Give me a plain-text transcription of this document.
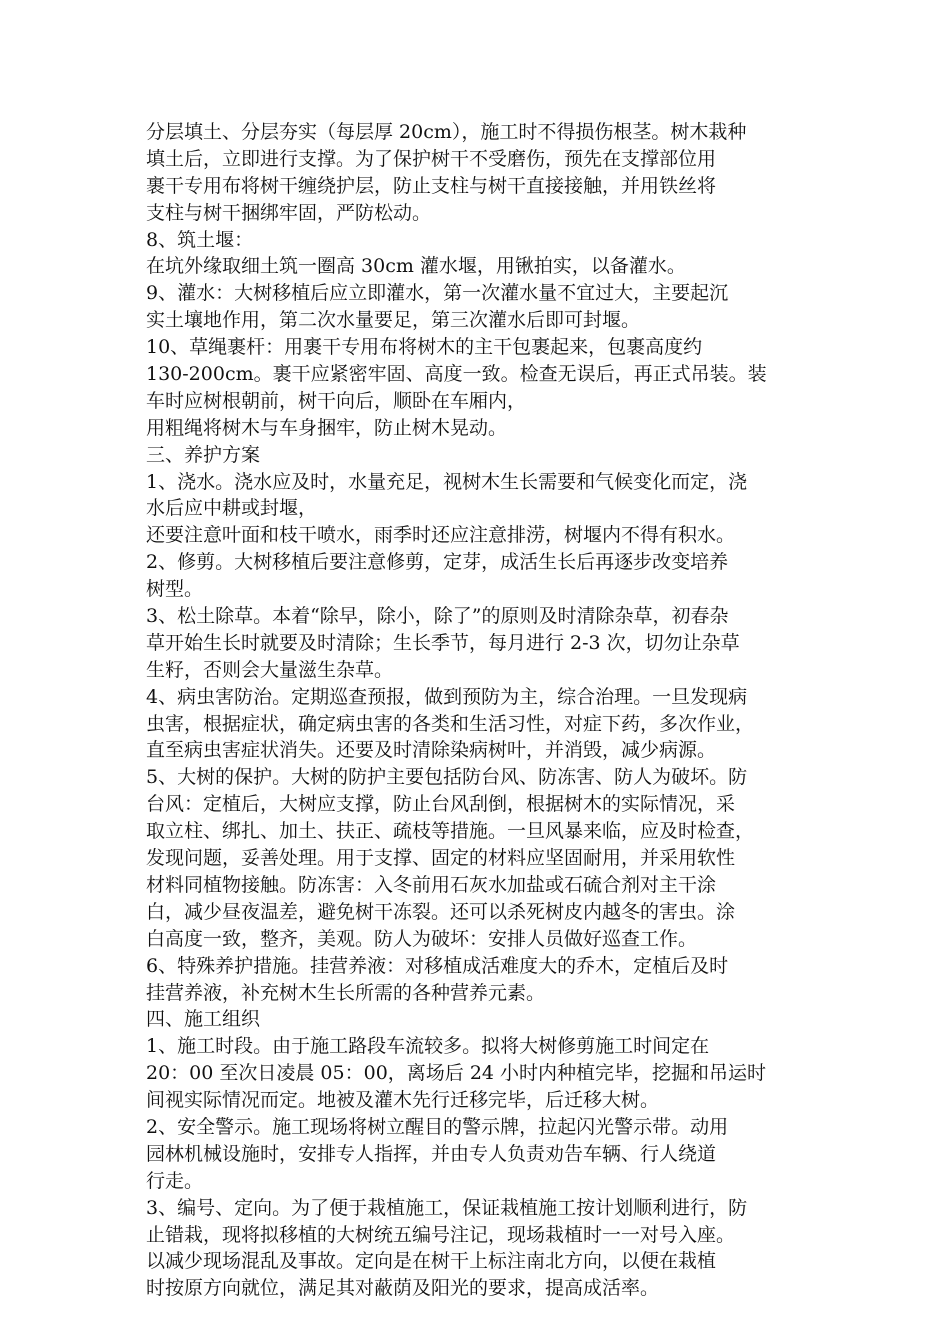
分层填土、分层夯实（每层厚 20cm），施工时不得损伤根茎。树木栽种
填土后，立即进行支撑。为了保护树干不受磨伤，预先在支撑部位用
裹干专用布将树干缠绕护层，防止支柱与树干直接接触，并用铁丝将
支柱与树干捆绑牢固，严防松动。
8、筑土堰：
在坑外缘取细土筑一圈高 30cm 灌水堰，用锹拍实，以备灌水。
9、灌水：大树移植后应立即灌水，第一次灌水量不宜过大，主要起沉
实土壤地作用，第二次水量要足，第三次灌水后即可封堰。
10、草绳裹杆：用裹干专用布将树木的主干包裹起来，包裹高度约
130-200cm。裹干应紧密牢固、高度一致。检查无误后，再正式吊装。装
车时应树根朝前，树干向后，顺卧在车厢内，
用粗绳将树木与车身捆牢，防止树木晃动。
三、养护方案
1、浇水。浇水应及时，水量充足，视树木生长需要和气候变化而定，浇
水后应中耕或封堰，
还要注意叶面和枝干喷水，雨季时还应注意排涝，树堰内不得有积水。
2、修剪。大树移植后要注意修剪，定芽，成活生长后再逐步改变培养
树型。
3、松土除草。本着“除早，除小，除了”的原则及时清除杂草，初春杂
草开始生长时就要及时清除；生长季节，每月进行 2-3 次，切勿让杂草
生籽，否则会大量滋生杂草。
4、病虫害防治。定期巡查预报，做到预防为主，综合治理。一旦发现病
虫害，根据症状，确定病虫害的各类和生活习性，对症下药，多次作业，
直至病虫害症状消失。还要及时清除染病树叶，并消毁，减少病源。
5、大树的保护。大树的防护主要包括防台风、防冻害、防人为破坏。防
台风：定植后，大树应支撑，防止台风刮倒，根据树木的实际情况，采
取立柱、绑扎、加土、扶正、疏枝等措施。一旦风暴来临，应及时检查，
发现问题，妥善处理。用于支撑、固定的材料应坚固耐用，并采用软性
材料同植物接触。防冻害：入冬前用石灰水加盐或石硫合剂对主干涂
白，减少昼夜温差，避免树干冻裂。还可以杀死树皮内越冬的害虫。涂
白高度一致，整齐，美观。防人为破坏：安排人员做好巡查工作。
6、特殊养护措施。挂营养液：对移植成活难度大的乔木，定植后及时
挂营养液，补充树木生长所需的各种营养元素。
四、施工组织
1、施工时段。由于施工路段车流较多。拟将大树修剪施工时间定在
20：00 至次日凌晨 05：00，离场后 24 小时内种植完毕，挖掘和吊运时
间视实际情况而定。地被及灌木先行迁移完毕，后迁移大树。
2、安全警示。施工现场将树立醒目的警示牌，拉起闪光警示带。动用
园林机械设施时，安排专人指挥，并由专人负责劝告车辆、行人绕道
行走。
3、编号、定向。为了便于栽植施工，保证栽植施工按计划顺利进行，防
止错栽，现将拟移植的大树统五编号注记，现场栽植时一一对号入座。
以减少现场混乱及事故。定向是在树干上标注南北方向，以便在栽植
时按原方向就位，满足其对蔽荫及阳光的要求，提高成活率。
